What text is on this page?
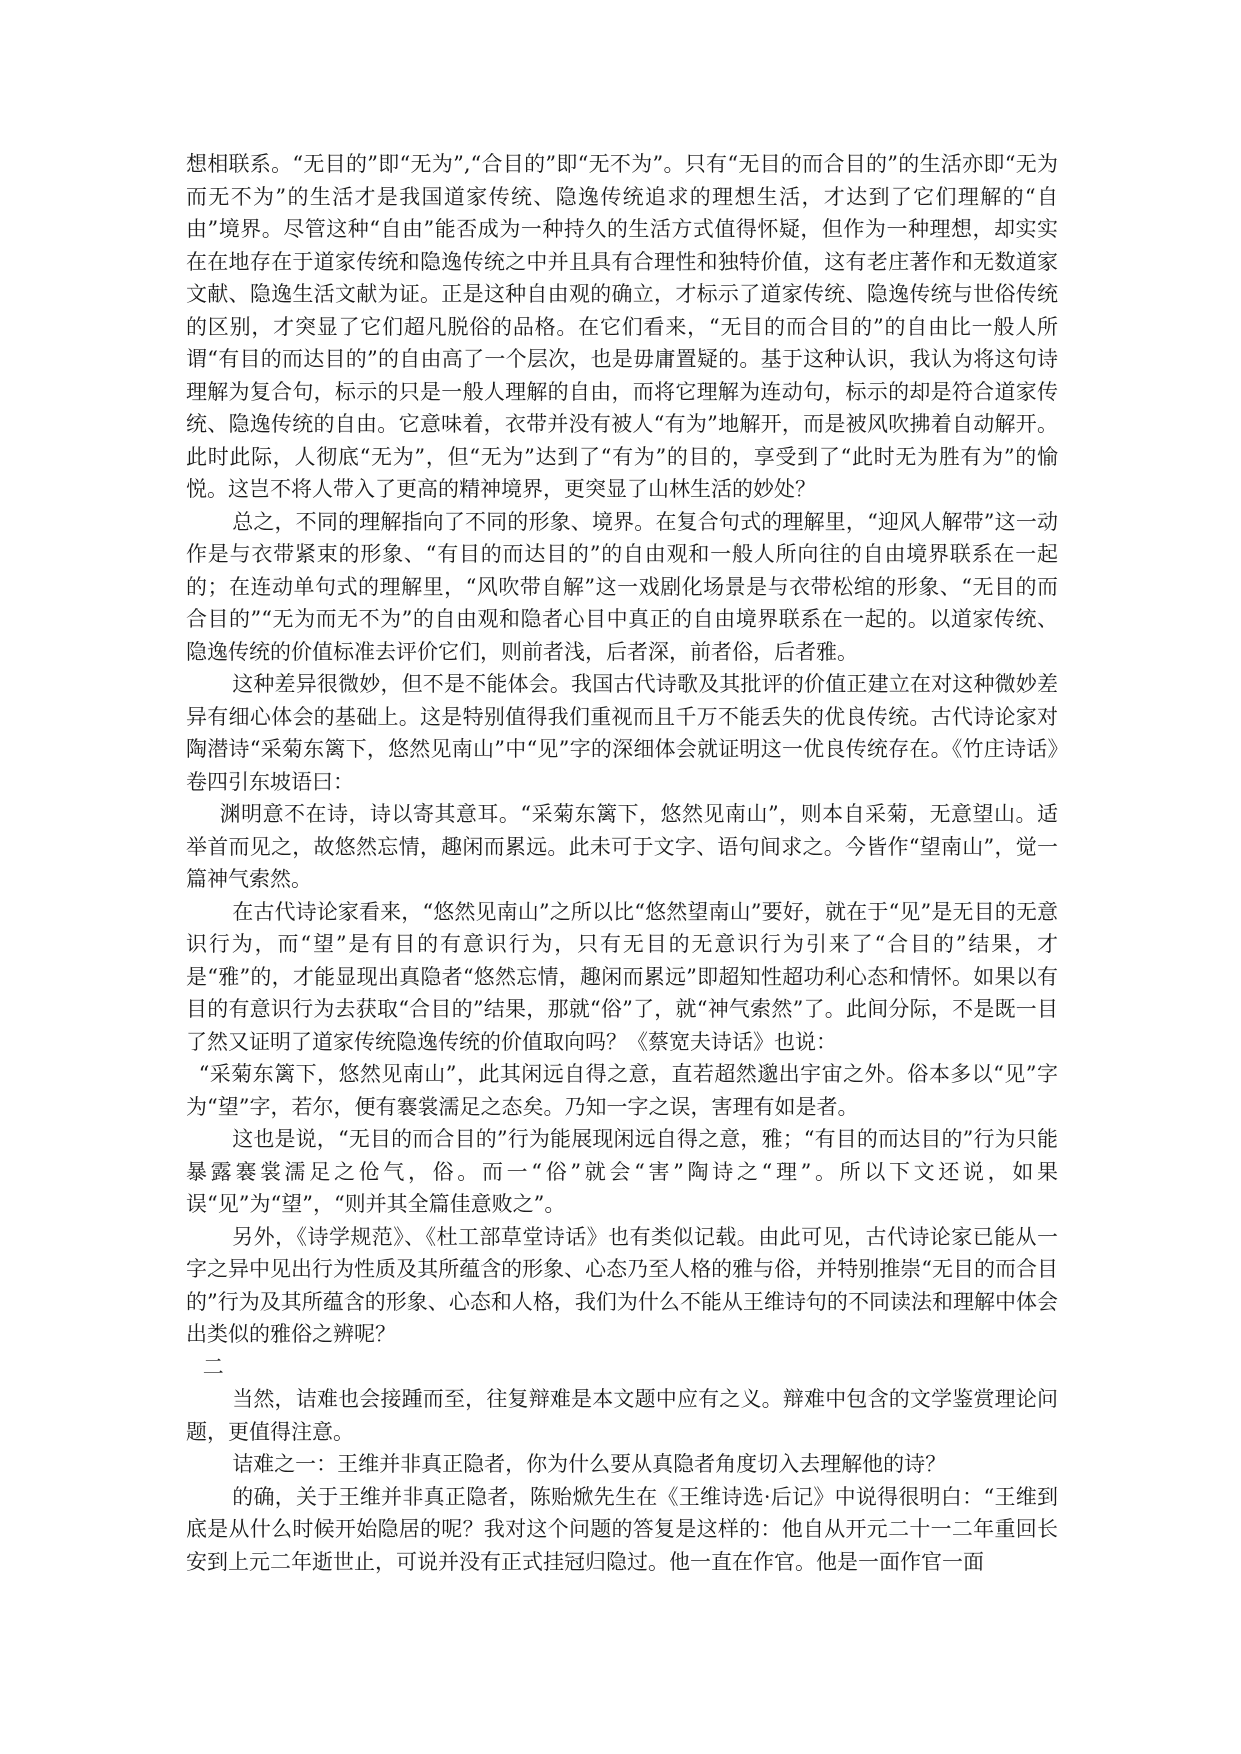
想相联系。“无目的”即“无为”,“合目的”即“无不为”。只有“无目的而合目的”的生活亦即“无为而无不为”的生活才是我国道家传统、隐逸传统追求的理想生活，才达到了它们理解的“自由”境界。尽管这种“自由”能否成为一种持久的生活方式值得怀疑，但作为一种理想，却实实在在地存在于道家传统和隐逸传统之中并且具有合理性和独特价值，这有老庄著作和无数道家文献、隐逸生活文献为证。正是这种自由观的确立，才标示了道家传统、隐逸传统与世俗传统的区别，才突显了它们超凡脱俗的品格。在它们看来，“无目的而合目的”的自由比一般人所谓“有目的而达目的”的自由高了一个层次，也是毋庸置疑的。基于这种认识，我认为将这句诗理解为复合句，标示的只是一般人理解的自由，而将它理解为连动句，标示的却是符合道家传统、隐逸传统的自由。它意味着，衣带并没有被人“有为”地解开，而是被风吹拂着自动解开。此时此际，人彻底“无为”，但“无为”达到了“有为”的目的，享受到了“此时无为胜有为”的愉悦。这岂不将人带入了更高的精神境界，更突显了山林生活的妙处？

总之，不同的理解指向了不同的形象、境界。在复合句式的理解里，“迎风人解带”这一动作是与衣带紧束的形象、“有目的而达目的”的自由观和一般人所向往的自由境界联系在一起的；在连动单句式的理解里，“风吹带自解”这一戏剧化场景是与衣带松绾的形象、“无目的而合目的”“无为而无不为”的自由观和隐者心目中真正的自由境界联系在一起的。以道家传统、隐逸传统的价值标准去评价它们，则前者浅，后者深，前者俗，后者雅。

这种差异很微妙，但不是不能体会。我国古代诗歌及其批评的价值正建立在对这种微妙差异有细心体会的基础上。这是特别值得我们重视而且千万不能丢失的优良传统。古代诗论家对陶潜诗“采菊东篱下，悠然见南山”中“见”字的深细体会就证明这一优良传统存在。《竹庄诗话》卷四引东坡语曰：

渊明意不在诗，诗以寄其意耳。“采菊东篱下，悠然见南山”，则本自采菊，无意望山。适举首而见之，故悠然忘情，趣闲而累远。此未可于文字、语句间求之。今皆作“望南山”，觉一篇神气索然。

在古代诗论家看来，“悠然见南山”之所以比“悠然望南山”要好，就在于“见”是无目的无意识行为，而“望”是有目的有意识行为，只有无目的无意识行为引来了“合目的”结果，才是“雅”的，才能显现出真隐者“悠然忘情，趣闲而累远”即超知性超功利心态和情怀。如果以有目的有意识行为去获取“合目的”结果，那就“俗”了，就“神气索然”了。此间分际，不是既一目了然又证明了道家传统隐逸传统的价值取向吗？《蔡宽夫诗话》也说：

“采菊东篱下，悠然见南山”，此其闲远自得之意，直若超然邈出宇宙之外。俗本多以“见”字为“望”字，若尔，便有褰裳濡足之态矣。乃知一字之误，害理有如是者。

这也是说，“无目的而合目的”行为能展现闲远自得之意，雅；“有目的而达目的”行为只能暴露褰裳濡足之伧气，俗。而一“俗”就会“害”陶诗之“理”。所以下文还说，如果误“见”为“望”，“则并其全篇佳意败之”。

另外，《诗学规范》、《杜工部草堂诗话》也有类似记载。由此可见，古代诗论家已能从一字之异中见出行为性质及其所蕴含的形象、心态乃至人格的雅与俗，并特别推崇“无目的而合目的”行为及其所蕴含的形象、心态和人格，我们为什么不能从王维诗句的不同读法和理解中体会出类似的雅俗之辨呢？

二

当然，诘难也会接踵而至，往复辩难是本文题中应有之义。辩难中包含的文学鉴赏理论问题，更值得注意。

诘难之一：王维并非真正隐者，你为什么要从真隐者角度切入去理解他的诗？

的确，关于王维并非真正隐者，陈贻焮先生在《王维诗选·后记》中说得很明白：“王维到底是从什么时候开始隐居的呢？我对这个问题的答复是这样的：他自从开元二十一二年重回长安到上元二年逝世止，可说并没有正式挂冠归隐过。他一直在作官。他是一面作官一面
